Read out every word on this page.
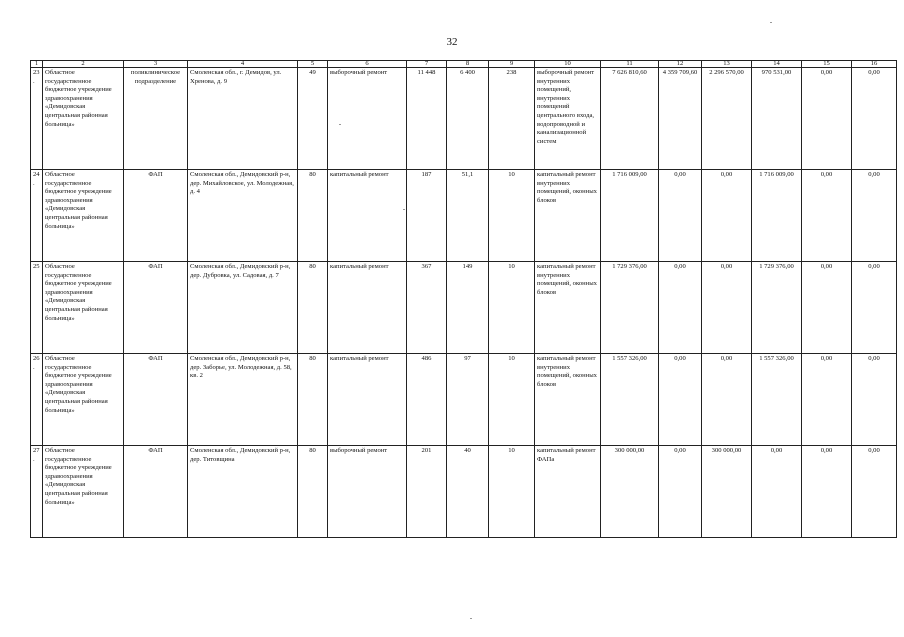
32
1	2	3	4	5	6	7	8	9	10	11	12	13	14	15	16
23.	Областное государственное бюджетное учреждение здравоохранения «Демидовская центральная районная больница»	поликлиническое подразделение	Смоленская обл., г. Демидов, ул. Хренова, д. 9	49	выборочный ремонт	11 448	6 400	238	выборочный ремонт внутренних помещений, внутренних помещений центрального входа, водопроводной и канализационной систем	7 626 810,60	4 359 709,60	2 296 570,00	970 531,00	0,00	0,00
24.	Областное государственное бюджетное учреждение здравоохранения «Демидовская центральная районная больница»	ФАП	Смоленская обл., Демидовский р-н, дер. Михайловское, ул. Молодежная, д. 4	80	капитальный ремонт	187	51,1	10	капитальный ремонт внутренних помещений, оконных блоков	1 716 009,00	0,00	0,00	1 716 009,00	0,00	0,00
25	Областное государственное бюджетное учреждение здравоохранения «Демидовская центральная районная больница»	ФАП	Смоленская обл., Демидовский р-н, дер. Дубровка, ул. Садовая, д. 7	80	капитальный ремонт	367	149	10	капитальный ремонт внутренних помещений, оконных блоков	1 729 376,00	0,00	0,00	1 729 376,00	0,00	0,00
26.	Областное государственное бюджетное учреждение здравоохранения «Демидовская центральная районная больница»	ФАП	Смоленская обл., Демидовский р-н, дер. Заборье, ул. Молодежная, д. 58, кв. 2	80	капитальный ремонт	486	97	10	капитальный ремонт внутренних помещений, оконных блоков	1 557 326,00	0,00	0,00	1 557 326,00	0,00	0,00
27.	Областное государственное бюджетное учреждение здравоохранения «Демидовская центральная районная больница»	ФАП	Смоленская обл., Демидовский р-н, дер. Титовщина	80	выборочный ремонт	201	40	10	капитальный ремонт ФАПа	300 000,00	0,00	300 000,00	0,00	0,00	0,00
